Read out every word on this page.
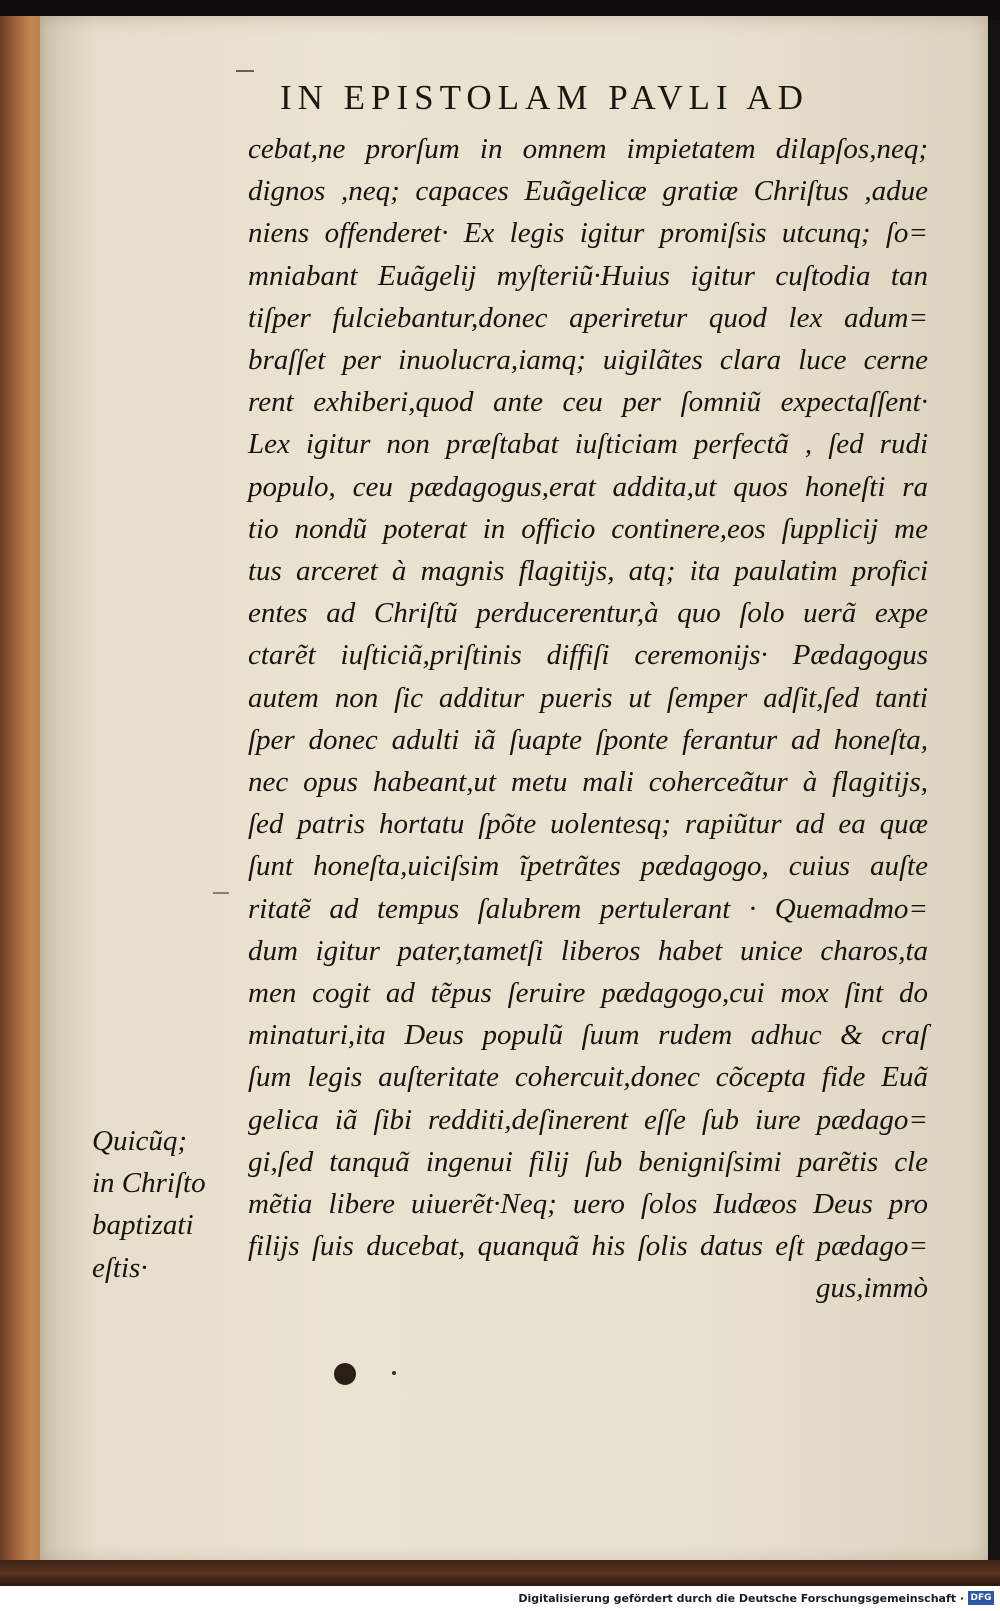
IN EPISTOLAM PAVLI AD
cebat,ne prorſum in omnem impietatem dilapſos,neq;
dignos ,neq; capaces Euãgelicæ gratiæ Chriſtus ,adue
niens offenderet· Ex legis igitur promiſsis utcunq; ſo=
mniabant Euãgelij myſteriũ·Huius igitur cuſtodia tan
tiſper fulciebantur,donec aperiretur quod lex adum=
braſſet per inuolucra,iamq; uigilãtes clara luce cerne
rent exhiberi,quod ante ceu per ſomniũ expectaſſent·
Lex igitur non præſtabat iuſticiam perfectã , ſed rudi
populo, ceu pædagogus,erat addita,ut quos honeſti ra
tio nondũ poterat in officio continere,eos ſupplicij me
tus arceret à magnis flagitijs, atq; ita paulatim profici
entes ad Chriſtũ perducerentur,à quo ſolo uerã expe
ctarẽt iuſticiã,priſtinis diffiſi ceremonijs· Pædagogus
autem non ſic additur pueris ut ſemper adſit,ſed tanti
ſper donec adulti iã ſuapte ſponte ferantur ad honeſta,
nec opus habeant,ut metu mali coherceãtur à flagitijs,
ſed patris hortatu ſpõte uolentesq; rapiũtur ad ea quæ
ſunt honeſta,uiciſsim ĩpetrãtes pædagogo, cuius auſte
ritatẽ ad tempus ſalubrem pertulerant · Quemadmo=
dum igitur pater,tametſi liberos habet unice charos,ta
men cogit ad tẽpus ſeruire pædagogo,cui mox ſint do
minaturi,ita Deus populũ ſuum rudem adhuc & craſ
ſum legis auſteritate cohercuit,donec cõcepta fide Euã
gelica iã ſibi redditi,deſinerent eſſe ſub iure pædago=
gi,ſed tanquã ingenui filij ſub benigniſsimi parẽtis cle
mẽtia libere uiuerẽt·Neq; uero ſolos Iudæos Deus pro
filijs ſuis ducebat, quanquã his ſolis datus eſt pædago=
gus,immò
Quicũq;
in Chriſto
baptizati
eſtis·
Digitalisierung gefördert durch die Deutsche Forschungsgemeinschaft · DFG
